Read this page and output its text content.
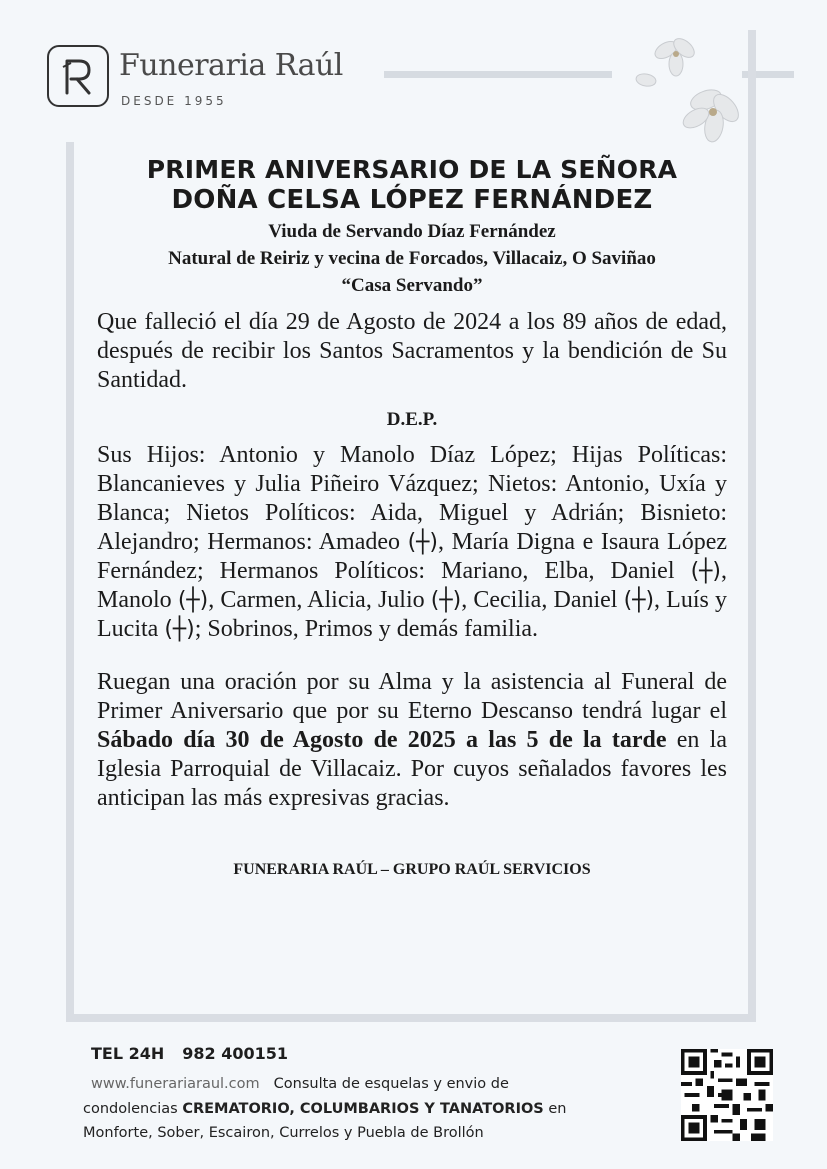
Funeraria Raúl
DESDE 1955

PRIMER ANIVERSARIO DE LA SEÑORA

DOÑA CELSA LÓPEZ FERNÁNDEZ

Viuda de Servando Díaz Fernández

Natural de Reiriz y vecina de Forcados, Villacaiz, O Saviñao

“Casa Servando”

Que falleció el día 29 de Agosto de 2024 a los 89 años de edad, después de recibir los Santos Sacramentos y la bendición de Su Santidad.

D.E.P.

Sus Hijos: Antonio y Manolo Díaz López; Hijas Políticas: Blancanieves y Julia Piñeiro Vázquez; Nietos: Antonio, Uxía y Blanca; Nietos Políticos: Aida, Miguel y Adrián; Bisnieto: Alejandro; Hermanos: Amadeo (┼), María Digna e Isaura López Fernández; Hermanos Políticos: Mariano, Elba, Daniel (┼), Manolo (┼), Carmen, Alicia, Julio (┼), Cecilia, Daniel (┼), Luís y Lucita (┼); Sobrinos, Primos y demás familia.

Ruegan una oración por su Alma y la asistencia al Funeral de Primer Aniversario que por su Eterno Descanso tendrá lugar el Sábado día 30 de Agosto de 2025 a las 5 de la tarde en la Iglesia Parroquial de Villacaiz. Por cuyos señalados favores les anticipan las más expresivas gracias.

FUNERARIA RAÚL – GRUPO RAÚL SERVICIOS

TEL 24H 982 400151
www.funerariaraul.com Consulta de esquelas y envio de
condolencias CREMATORIO, COLUMBARIOS Y TANATORIOS en
Monforte, Sober, Escairon, Currelos y Puebla de Brollón
